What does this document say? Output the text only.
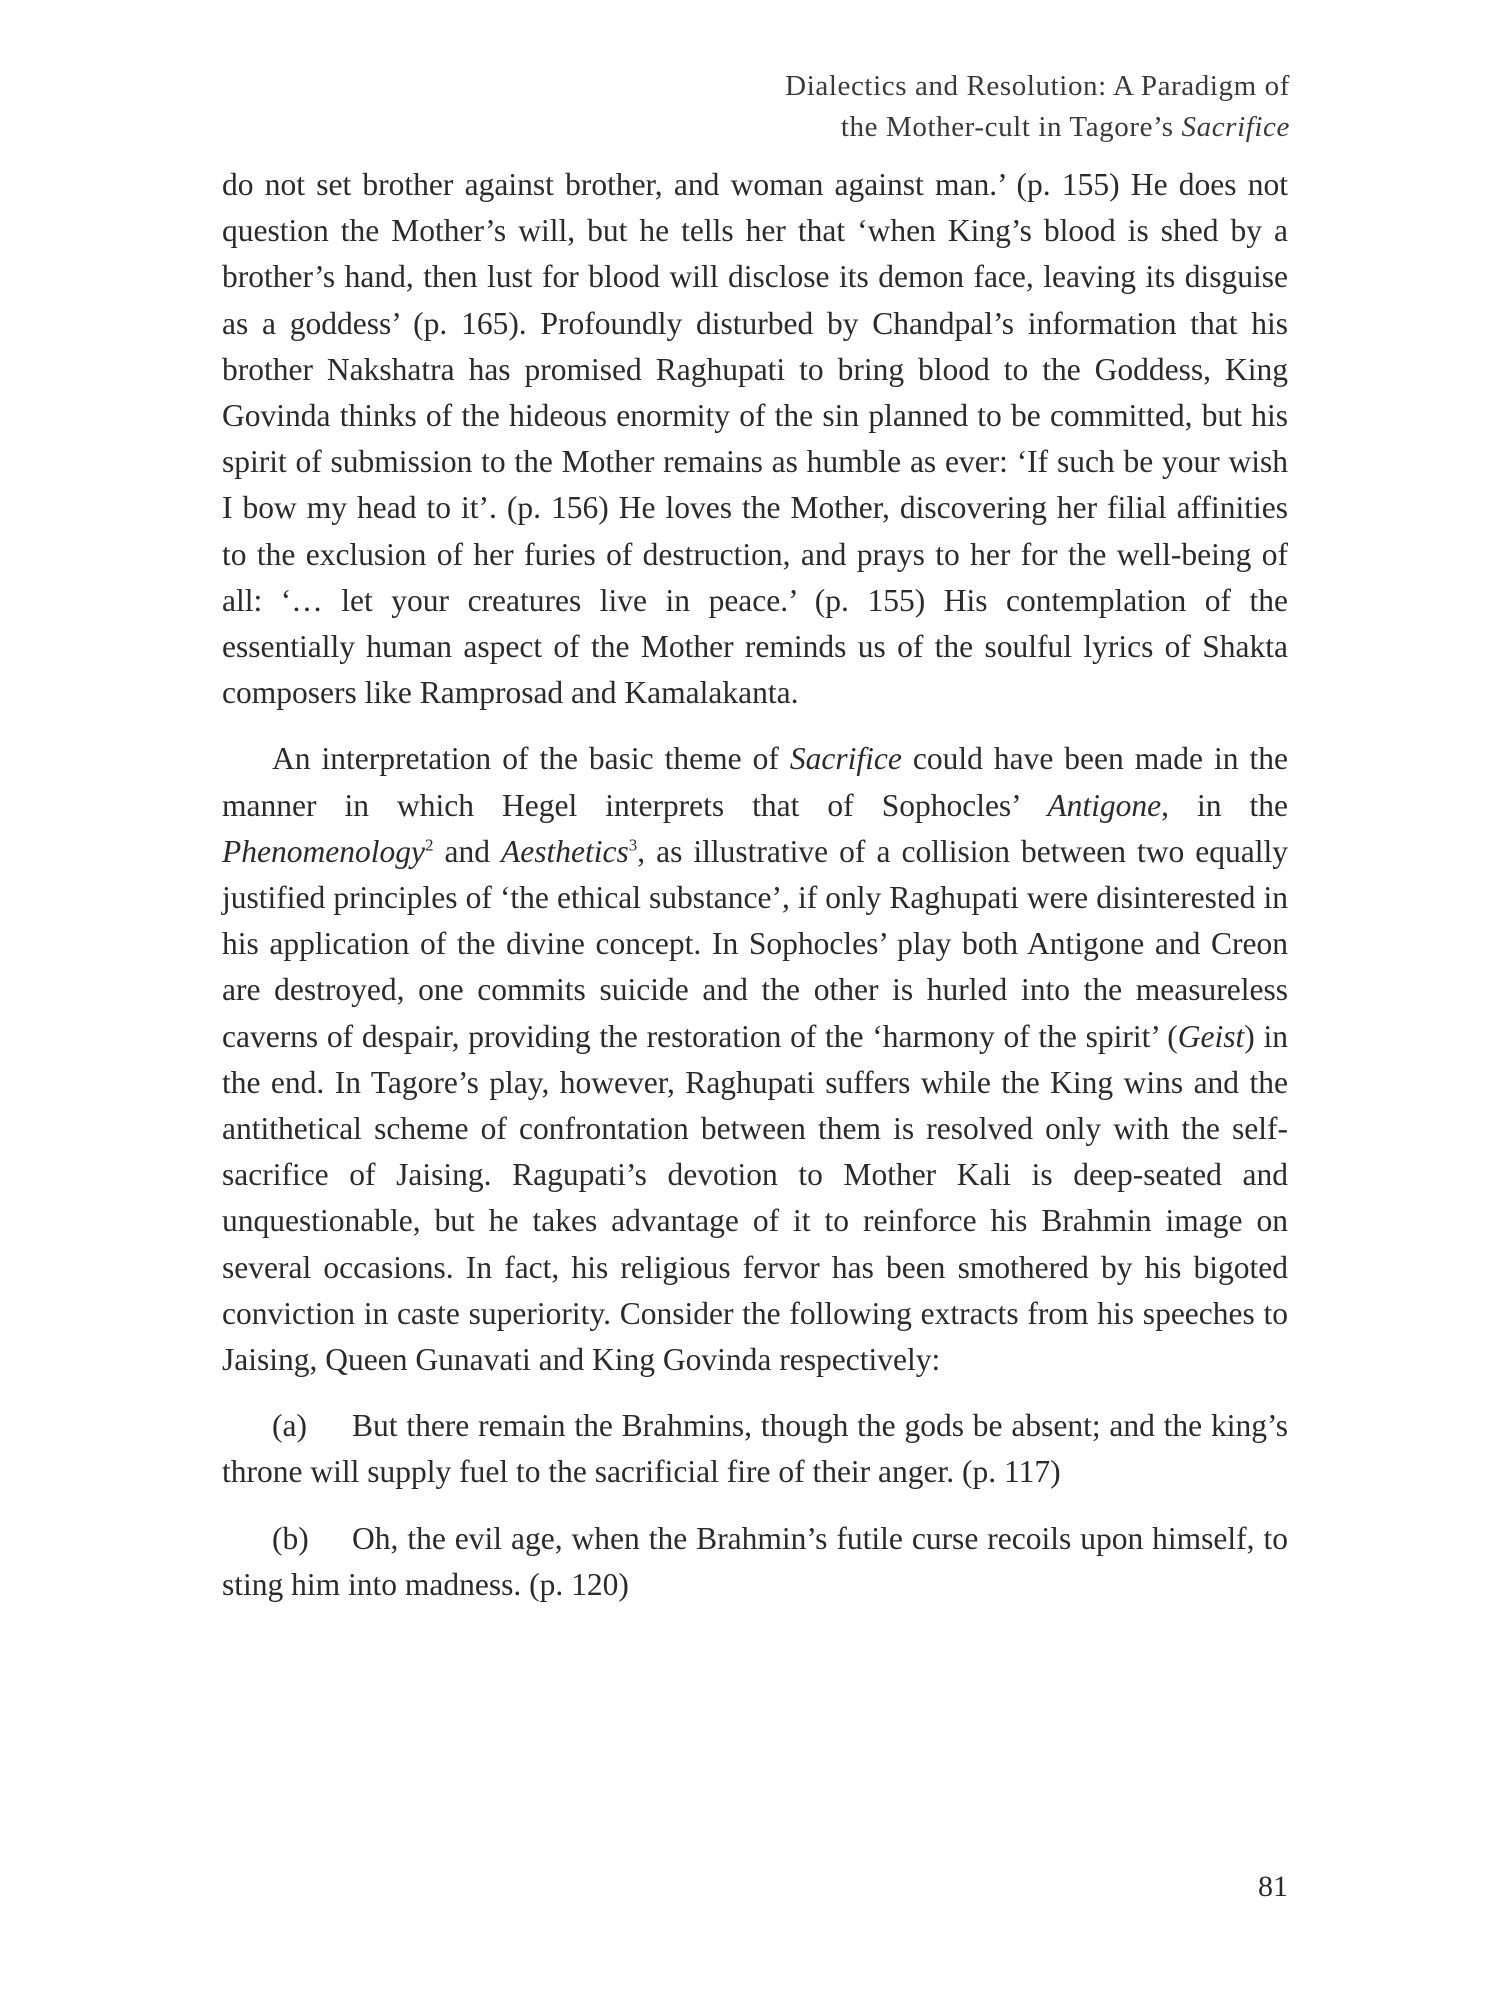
Dialectics and Resolution: A Paradigm of
the Mother-cult in Tagore’s Sacrifice

do not set brother against brother, and woman against man.’ (p. 155) He does not question the Mother’s will, but he tells her that ‘when King’s blood is shed by a brother’s hand, then lust for blood will disclose its demon face, leaving its disguise as a goddess’ (p. 165). Profoundly disturbed by Chandpal’s information that his brother Nakshatra has promised Raghupati to bring blood to the Goddess, King Govinda thinks of the hideous enormity of the sin planned to be committed, but his spirit of submission to the Mother remains as humble as ever: ‘If such be your wish I bow my head to it’. (p. 156) He loves the Mother, discovering her filial affinities to the exclusion of her furies of destruction, and prays to her for the well-being of all: ‘… let your creatures live in peace.’ (p. 155) His contemplation of the essentially human aspect of the Mother reminds us of the soulful lyrics of Shakta composers like Ramprosad and Kamalakanta.

An interpretation of the basic theme of Sacrifice could have been made in the manner in which Hegel interprets that of Sophocles’ Antigone, in the Phenomenology$^2$ and Aesthetics$^3$, as illustrative of a collision between two equally justified principles of ‘the ethical substance’, if only Raghupati were disinterested in his application of the divine concept. In Sophocles’ play both Antigone and Creon are destroyed, one commits suicide and the other is hurled into the measureless caverns of despair, providing the restoration of the ‘harmony of the spirit’ (Geist) in the end. In Tagore’s play, however, Raghupati suffers while the King wins and the antithetical scheme of confrontation between them is resolved only with the self-sacrifice of Jaising. Ragupati’s devotion to Mother Kali is deep-seated and unquestionable, but he takes advantage of it to reinforce his Brahmin image on several occasions. In fact, his religious fervor has been smothered by his bigoted conviction in caste superiority. Consider the following extracts from his speeches to Jaising, Queen Gunavati and King Govinda respectively:

(a) But there remain the Brahmins, though the gods be absent; and the king’s throne will supply fuel to the sacrificial fire of their anger. (p. 117)

(b) Oh, the evil age, when the Brahmin’s futile curse recoils upon himself, to sting him into madness. (p. 120)

81
